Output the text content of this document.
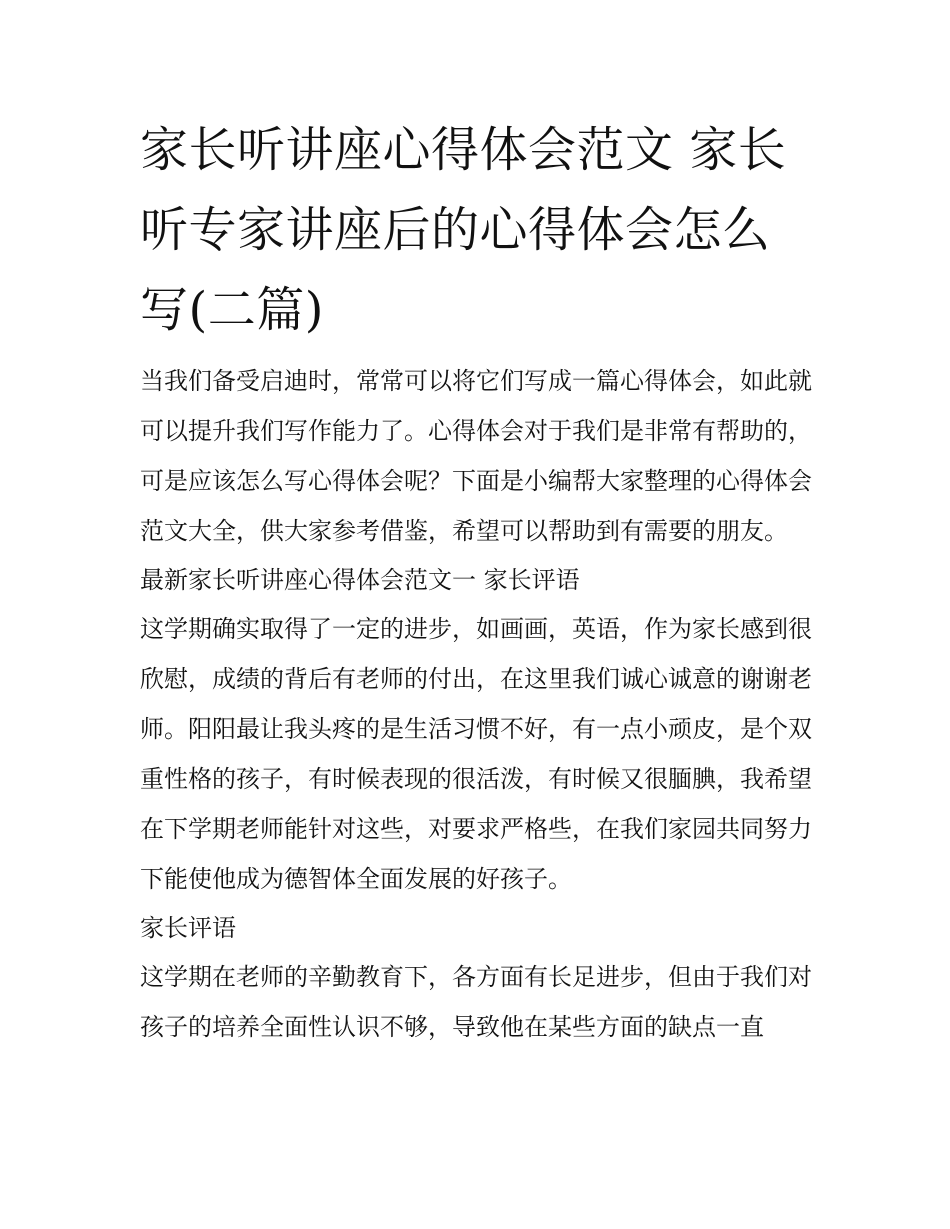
家长听讲座心得体会范文 家长听专家讲座后的心得体会怎么写(二篇)

当我们备受启迪时，常常可以将它们写成一篇心得体会，如此就可以提升我们写作能力了。心得体会对于我们是非常有帮助的，可是应该怎么写心得体会呢？下面是小编帮大家整理的心得体会范文大全，供大家参考借鉴，希望可以帮助到有需要的朋友。

最新家长听讲座心得体会范文一 家长评语

这学期确实取得了一定的进步，如画画，英语，作为家长感到很欣慰，成绩的背后有老师的付出，在这里我们诚心诚意的谢谢老师。阳阳最让我头疼的是生活习惯不好，有一点小顽皮，是个双重性格的孩子，有时候表现的很活泼，有时候又很腼腆，我希望在下学期老师能针对这些，对要求严格些，在我们家园共同努力下能使他成为德智体全面发展的好孩子。

家长评语

这学期在老师的辛勤教育下，各方面有长足进步，但由于我们对孩子的培养全面性认识不够，导致他在某些方面的缺点一直
